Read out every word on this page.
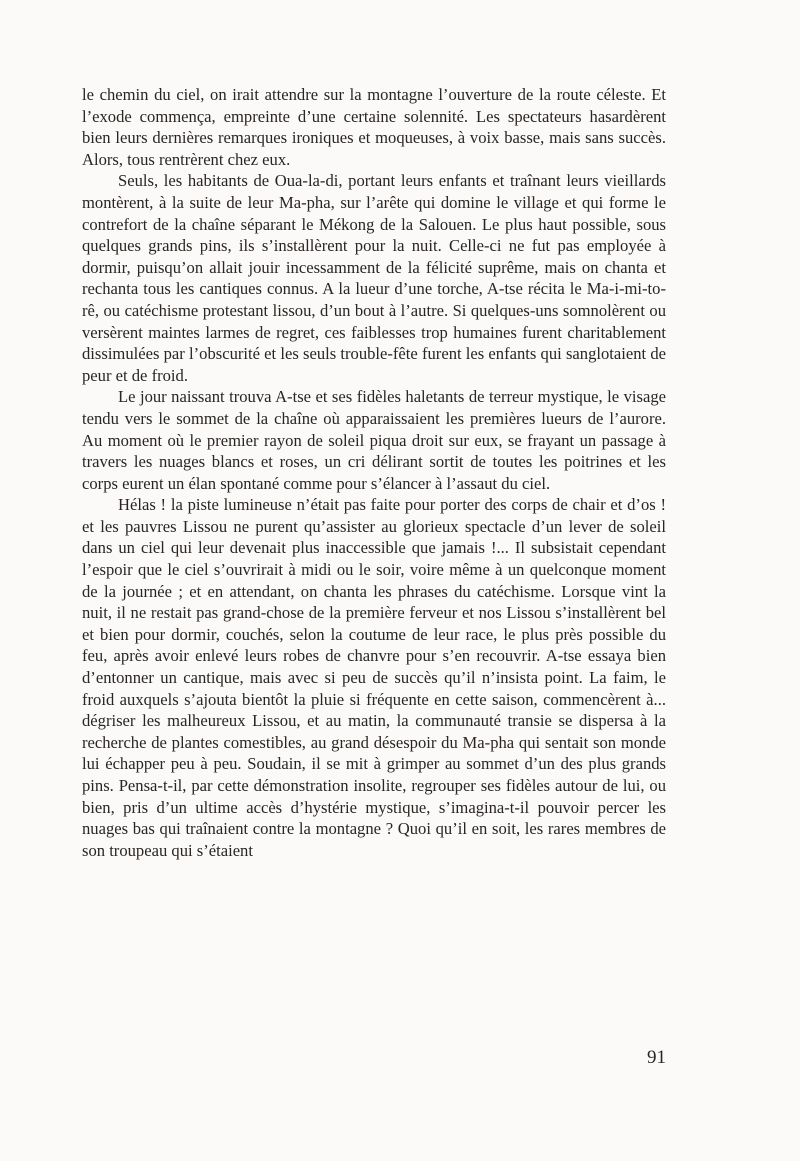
le chemin du ciel, on irait attendre sur la montagne l’ouverture de la route céleste. Et l’exode commença, empreinte d’une certaine solennité. Les spectateurs hasardèrent bien leurs dernières remarques ironiques et moqueuses, à voix basse, mais sans succès. Alors, tous rentrèrent chez eux.

Seuls, les habitants de Oua-la-di, portant leurs enfants et traînant leurs vieillards montèrent, à la suite de leur Ma-pha, sur l’arête qui domine le village et qui forme le contrefort de la chaîne séparant le Mékong de la Salouen. Le plus haut possible, sous quelques grands pins, ils s’installèrent pour la nuit. Celle-ci ne fut pas employée à dormir, puisqu’on allait jouir incessamment de la félicité suprême, mais on chanta et rechanta tous les cantiques connus. A la lueur d’une torche, A-tse récita le Ma-i-mi-to-rê, ou catéchisme protestant lissou, d’un bout à l’autre. Si quelques-uns somnolèrent ou versèrent maintes larmes de regret, ces faiblesses trop humaines furent charitablement dissimulées par l’obscurité et les seuls trouble-fête furent les enfants qui sanglotaient de peur et de froid.

Le jour naissant trouva A-tse et ses fidèles haletants de terreur mystique, le visage tendu vers le sommet de la chaîne où apparaissaient les premières lueurs de l’aurore. Au moment où le premier rayon de soleil piqua droit sur eux, se frayant un passage à travers les nuages blancs et roses, un cri délirant sortit de toutes les poitrines et les corps eurent un élan spontané comme pour s’élancer à l’assaut du ciel.

Hélas ! la piste lumineuse n’était pas faite pour porter des corps de chair et d’os ! et les pauvres Lissou ne purent qu’assister au glorieux spectacle d’un lever de soleil dans un ciel qui leur devenait plus inaccessible que jamais !... Il subsistait cependant l’espoir que le ciel s’ouvrirait à midi ou le soir, voire même à un quelconque moment de la journée ; et en attendant, on chanta les phrases du catéchisme. Lorsque vint la nuit, il ne restait pas grand-chose de la première ferveur et nos Lissou s’installèrent bel et bien pour dormir, couchés, selon la coutume de leur race, le plus près possible du feu, après avoir enlevé leurs robes de chanvre pour s’en recouvrir. A-tse essaya bien d’entonner un cantique, mais avec si peu de succès qu’il n’insista point. La faim, le froid auxquels s’ajouta bientôt la pluie si fréquente en cette saison, commencèrent à... dégriser les malheureux Lissou, et au matin, la communauté transie se dispersa à la recherche de plantes comestibles, au grand désespoir du Ma-pha qui sentait son monde lui échapper peu à peu. Soudain, il se mit à grimper au sommet d’un des plus grands pins. Pensa-t-il, par cette démonstration insolite, regrouper ses fidèles autour de lui, ou bien, pris d’un ultime accès d’hystérie mystique, s’imagina-t-il pouvoir percer les nuages bas qui traînaient contre la montagne ? Quoi qu’il en soit, les rares membres de son troupeau qui s’étaient

91
